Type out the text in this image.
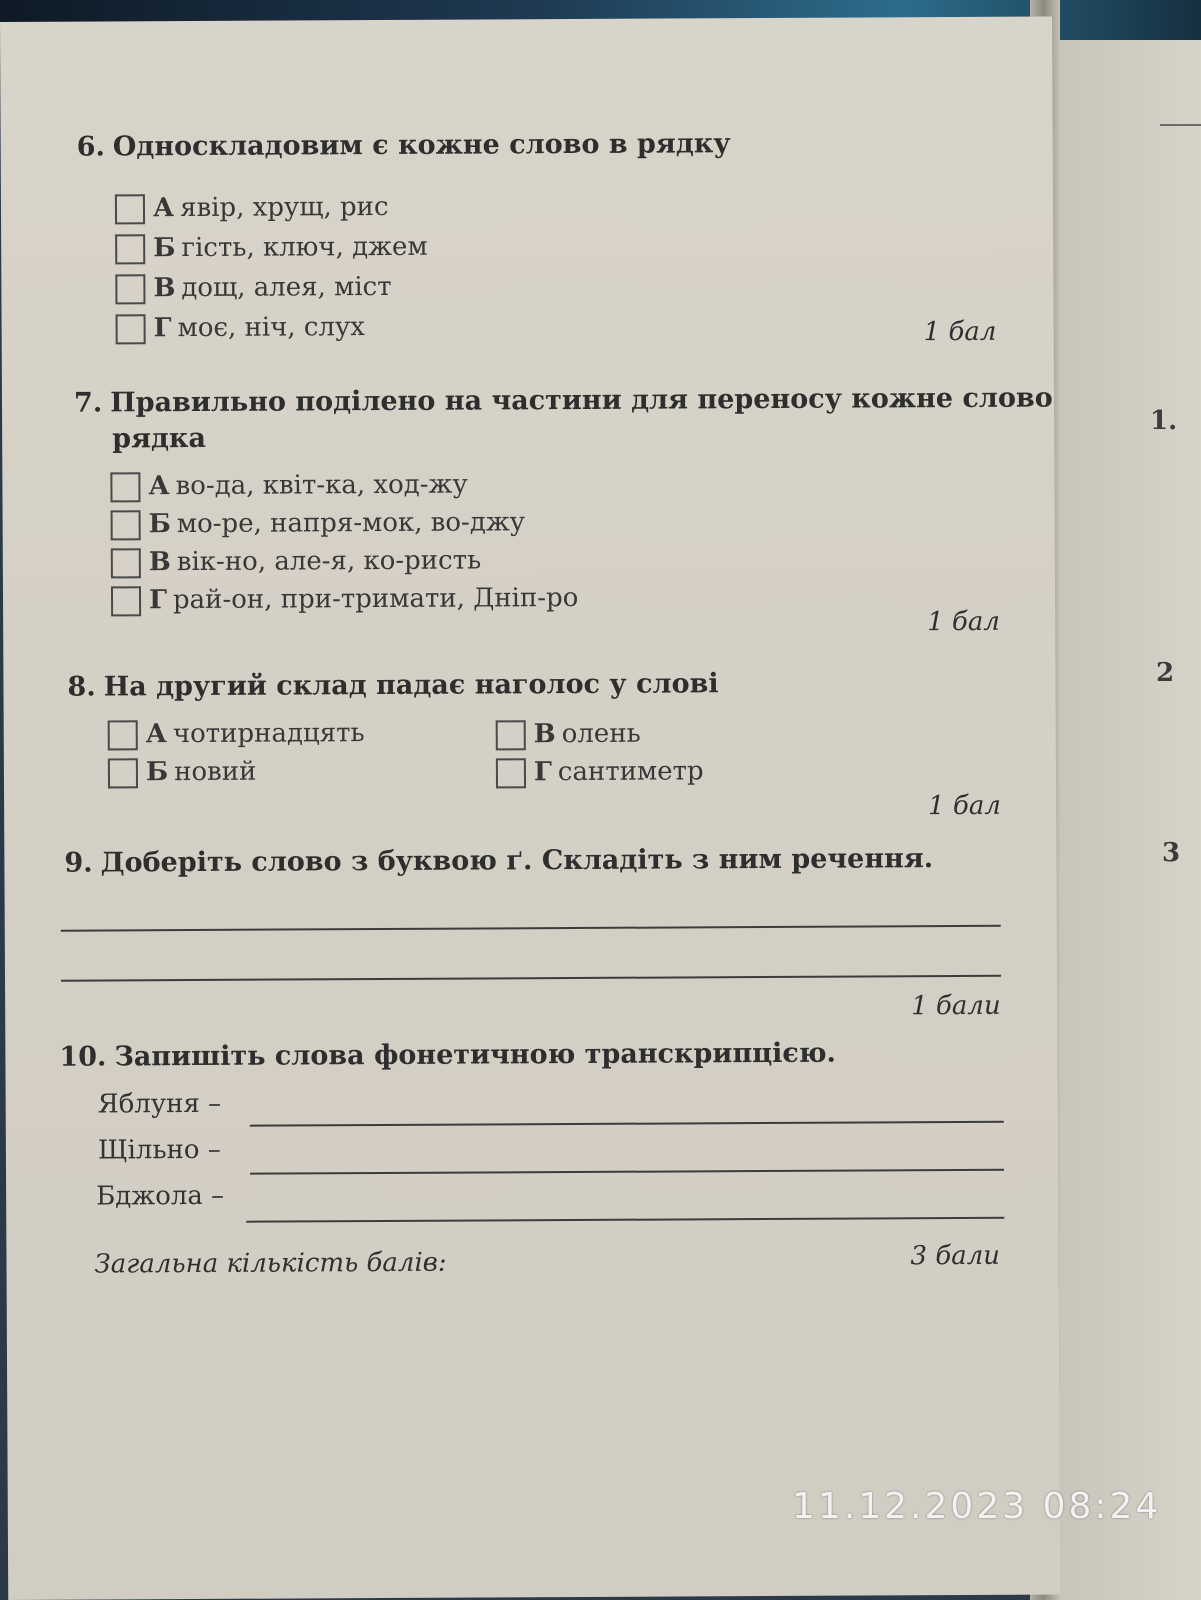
1.
2
3
6. Односкладовим є кожне слово в рядку
А явір, хрущ, рис
Б гість, ключ, джем
В дощ, алея, міст
Г моє, ніч, слух	1 бал
7. Правильно поділено на частини для переносу кожне слово
рядка
А во-да, квіт-ка, ход-жу
Б мо-ре, напря-мок, во-джу
В вік-но, але-я, ко-ристь
Г рай-он, при-тримати, Дніп-ро
1 бал
8. На другий склад падає наголос у слові
А чотирнадцять
Б новий
В олень
Г сантиметр
1 бал
9. Доберіть слово з буквою ґ. Складіть з ним речення.
1 бали
10. Запишіть слова фонетичною транскрипцією.
Яблуня –
Щільно –
Бджола –
Загальна кількість балів:	3 бали
11.12.2023 08:24
